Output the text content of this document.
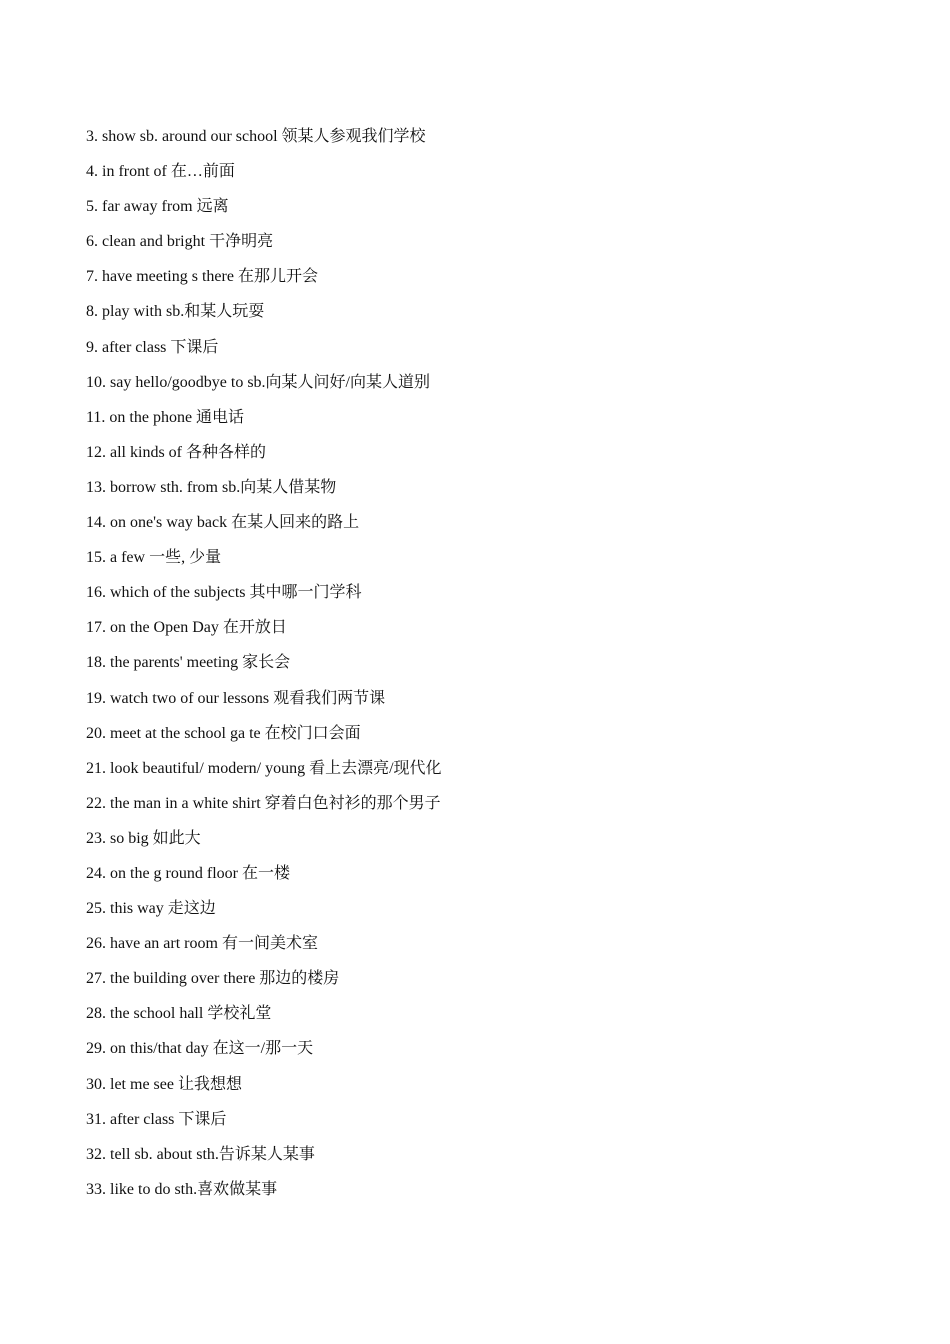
3. show sb. around our school 领某人参观我们学校
4. in front of 在…前面
5. far away from 远离
6. clean and bright 干净明亮
7. have meeting s there 在那儿开会
8. play with sb.和某人玩耍
9. after class 下课后
10. say hello/goodbye to sb.向某人问好/向某人道别
11. on the phone 通电话
12. all kinds of 各种各样的
13. borrow sth. from sb.向某人借某物
14. on one's way back 在某人回来的路上
15. a few 一些, 少量
16. which of the subjects 其中哪一门学科
17. on the Open Day 在开放日
18. the parents' meeting 家长会
19. watch two of our lessons 观看我们两节课
20. meet at the school ga te 在校门口会面
21. look beautiful/ modern/ young 看上去漂亮/现代化
22. the man in a white shirt 穿着白色衬衫的那个男子
23. so big 如此大
24. on the g round floor 在一楼
25. this way 走这边
26. have an art room 有一间美术室
27. the building over there 那边的楼房
28. the school hall 学校礼堂
29. on this/that day 在这一/那一天
30. let me see 让我想想
31. after class 下课后
32. tell sb. about sth.告诉某人某事
33. like to do sth.喜欢做某事
